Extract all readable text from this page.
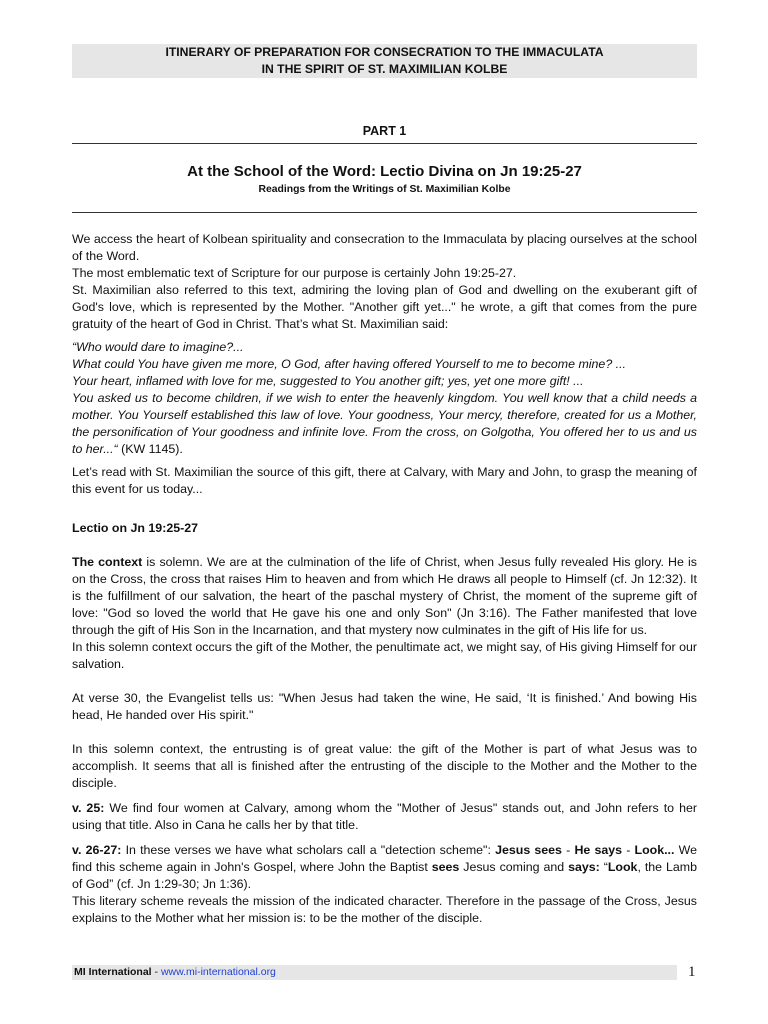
ITINERARY OF PREPARATION FOR CONSECRATION TO THE IMMACULATA
IN THE SPIRIT OF ST. MAXIMILIAN KOLBE
PART 1
At the School of the Word: Lectio Divina on Jn 19:25-27
Readings from the Writings of St. Maximilian Kolbe

We access the heart of Kolbean spirituality and consecration to the Immaculata by placing ourselves at the school of the Word.

The most emblematic text of Scripture for our purpose is certainly John 19:25-27.

St. Maximilian also referred to this text, admiring the loving plan of God and dwelling on the exuberant gift of God's love, which is represented by the Mother. "Another gift yet..." he wrote, a gift that comes from the pure gratuity of the heart of God in Christ. That’s what St. Maximilian said:

“Who would dare to imagine?...

What could You have given me more, O God, after having offered Yourself to me to become mine? ...

Your heart, inflamed with love for me, suggested to You another gift; yes, yet one more gift! ...

You asked us to become children, if we wish to enter the heavenly kingdom. You well know that a child needs a mother. You Yourself established this law of love. Your goodness, Your mercy, therefore, created for us a Mother, the personification of Your goodness and infinite love. From the cross, on Golgotha, You offered her to us and us to her...“ (KW 1145).

Let’s read with St. Maximilian the source of this gift, there at Calvary, with Mary and John, to grasp the meaning of this event for us today...

Lectio on Jn 19:25-27

The context is solemn. We are at the culmination of the life of Christ, when Jesus fully revealed His glory. He is on the Cross, the cross that raises Him to heaven and from which He draws all people to Himself (cf. Jn 12:32). It is the fulfillment of our salvation, the heart of the paschal mystery of Christ, the moment of the supreme gift of love: "God so loved the world that He gave his one and only Son" (Jn 3:16). The Father manifested that love through the gift of His Son in the Incarnation, and that mystery now culminates in the gift of His life for us.

In this solemn context occurs the gift of the Mother, the penultimate act, we might say, of His giving Himself for our salvation.

At verse 30, the Evangelist tells us: "When Jesus had taken the wine, He said, ‘It is finished.’ And bowing His head, He handed over His spirit."

In this solemn context, the entrusting is of great value: the gift of the Mother is part of what Jesus was to accomplish. It seems that all is finished after the entrusting of the disciple to the Mother and the Mother to the disciple.

v. 25: We find four women at Calvary, among whom the "Mother of Jesus" stands out, and John refers to her using that title. Also in Cana he calls her by that title.

v. 26-27: In these verses we have what scholars call a "detection scheme": Jesus sees - He says - Look... We find this scheme again in John's Gospel, where John the Baptist sees Jesus coming and says: “Look, the Lamb of God” (cf. Jn 1:29-30; Jn 1:36).

This literary scheme reveals the mission of the indicated character. Therefore in the passage of the Cross, Jesus explains to the Mother what her mission is: to be the mother of the disciple.

MI International - www.mi-international.org	1
